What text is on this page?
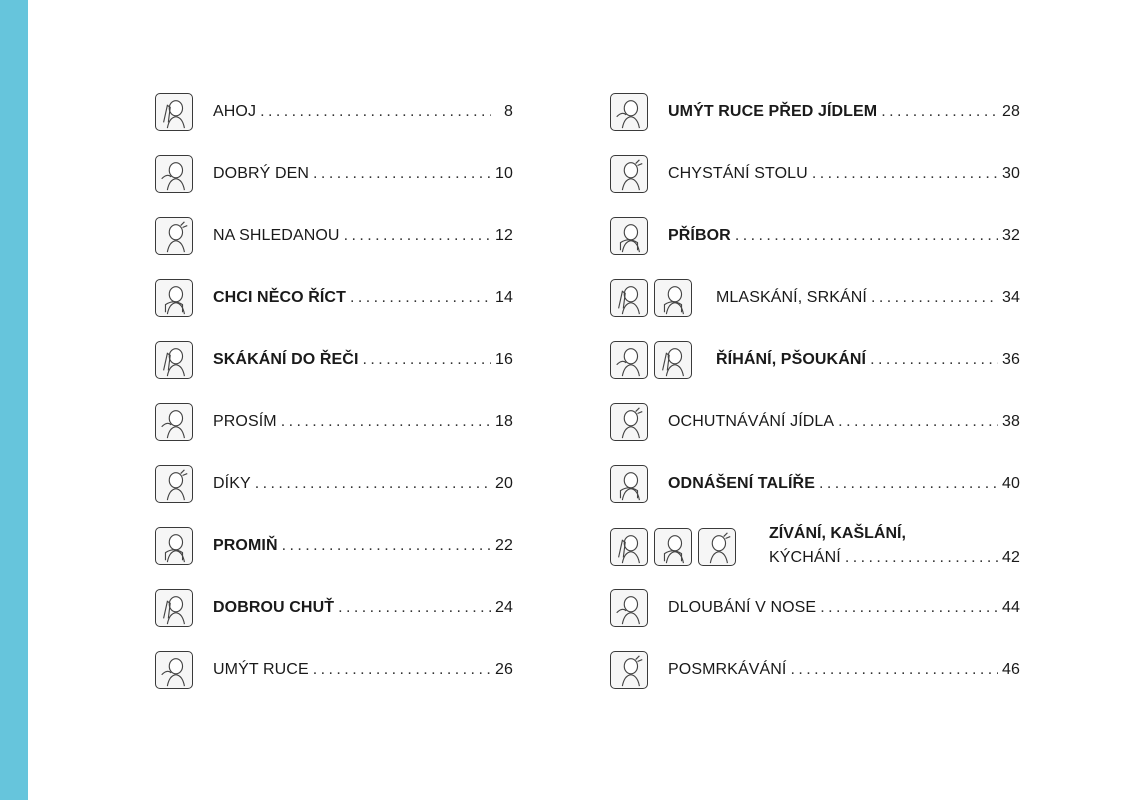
AHOJ . . .	8
DOBRÝ DEN . . .	10
NA SHLEDANOU . . .	12
CHCI NĚCO ŘÍCT . . .	14
SKÁKÁNÍ DO ŘEČI . . .	16
PROSÍM . . .	18
DÍKY . . .	20
PROMIŇ . . .	22
DOBROU CHUŤ . . .	24
UMÝT RUCE . . .	26
UMÝT RUCE PŘED JÍDLEM . . .	28
CHYSTÁNÍ STOLU . . .	30
PŘÍBOR . . .	32
MLASKÁNÍ, SRKÁNÍ . . .	34
ŘÍHÁNÍ, PŠOUKÁNÍ . . .	36
OCHUTNÁVÁNÍ JÍDLA . . .	38
ODNÁŠENÍ TALÍŘE . . .	40
ZÍVÁNÍ, KAŠLÁNÍ,
KÝCHÁNÍ . . .	42
DLOUBÁNÍ V NOSE . . .	44
POSMRKÁVÁNÍ . . .	46
